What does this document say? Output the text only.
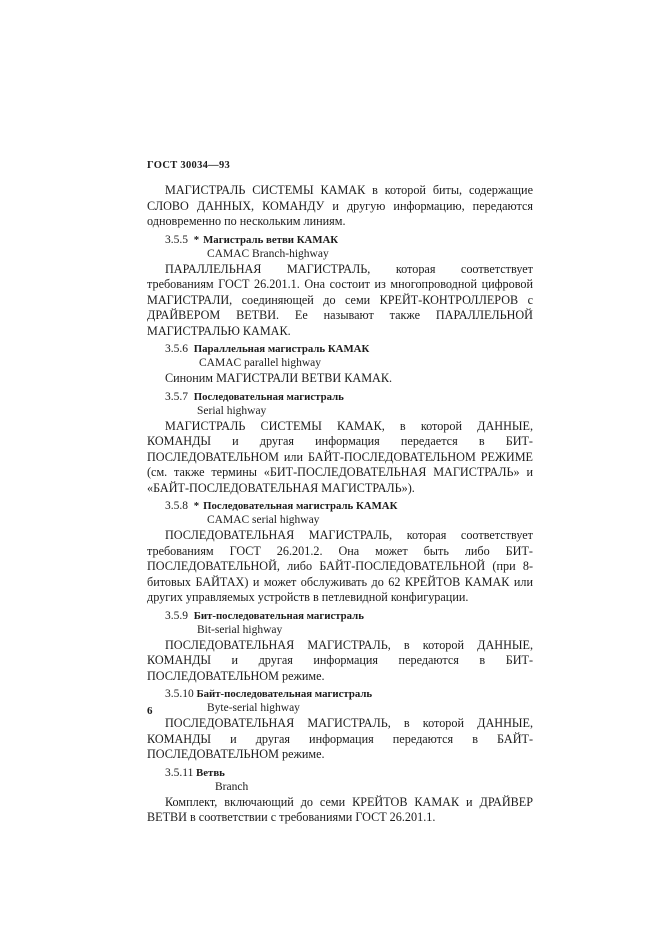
ГОСТ 30034—93

МАГИСТРАЛЬ СИСТЕМЫ КАМАК в которой биты, содержащие СЛОВО ДАННЫХ, КОМАНДУ и другую информацию, передаются одновременно по нескольким линиям.

3.5.5 * Магистраль ветви КАМАК
CAMAC Branch-highway

ПАРАЛЛЕЛЬНАЯ МАГИСТРАЛЬ, которая соответствует требованиям ГОСТ 26.201.1. Она состоит из многопроводной цифровой МАГИСТРАЛИ, соединяющей до семи КРЕЙТ-КОНТРОЛЛЕРОВ с ДРАЙВЕРОМ ВЕТВИ. Ее называют также ПАРАЛЛЕЛЬНОЙ МАГИСТРАЛЬЮ КАМАК.

3.5.6 Параллельная магистраль КАМАК
CAMAC parallel highway

Синоним МАГИСТРАЛИ ВЕТВИ КАМАК.

3.5.7 Последовательная магистраль
Serial highway

МАГИСТРАЛЬ СИСТЕМЫ КАМАК, в которой ДАННЫЕ, КОМАНДЫ и другая информация передается в БИТ-ПОСЛЕДОВАТЕЛЬНОМ или БАЙТ-ПОСЛЕДОВАТЕЛЬНОМ РЕЖИМЕ (см. также термины «БИТ-ПОСЛЕДОВАТЕЛЬНАЯ МАГИСТРАЛЬ» и «БАЙТ-ПОСЛЕДОВАТЕЛЬНАЯ МАГИСТРАЛЬ»).

3.5.8 * Последовательная магистраль КАМАК
CAMAC serial highway

ПОСЛЕДОВАТЕЛЬНАЯ МАГИСТРАЛЬ, которая соответствует требованиям ГОСТ 26.201.2. Она может быть либо БИТ-ПОСЛЕДОВАТЕЛЬНОЙ, либо БАЙТ-ПОСЛЕДОВАТЕЛЬНОЙ (при 8-битовых БАЙТАХ) и может обслуживать до 62 КРЕЙТОВ КАМАК или других управляемых устройств в петлевидной конфигурации.

3.5.9 Бит-последовательная магистраль
Bit-serial highway

ПОСЛЕДОВАТЕЛЬНАЯ МАГИСТРАЛЬ, в которой ДАННЫЕ, КОМАНДЫ и другая информация передаются в БИТ-ПОСЛЕДОВАТЕЛЬНОМ режиме.

3.5.10 Байт-последовательная магистраль
Byte-serial highway

ПОСЛЕДОВАТЕЛЬНАЯ МАГИСТРАЛЬ, в которой ДАННЫЕ, КОМАНДЫ и другая информация передаются в БАЙТ-ПОСЛЕДОВАТЕЛЬНОМ режиме.

3.5.11 Ветвь
Branch

Комплект, включающий до семи КРЕЙТОВ КАМАК и ДРАЙВЕР ВЕТВИ в соответствии с требованиями ГОСТ 26.201.1.

6
